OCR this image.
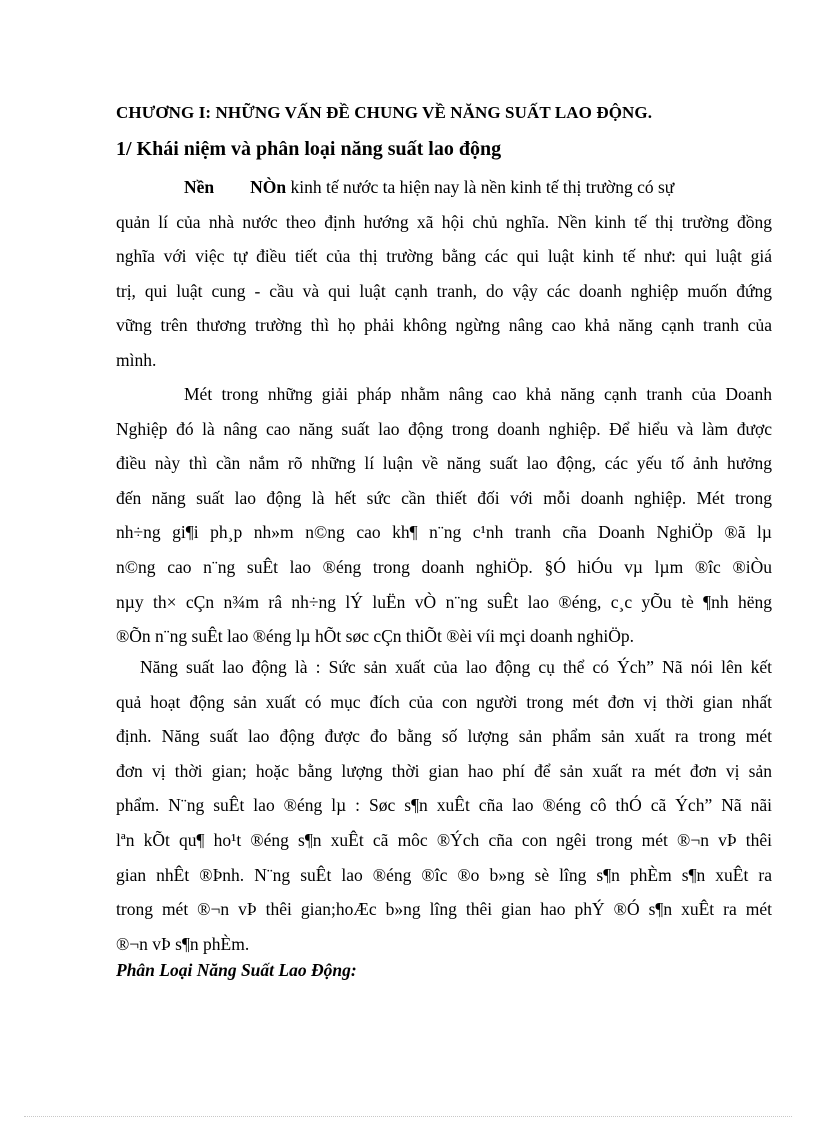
CHƯƠNG I: NHỮNG VẤN ĐỀ CHUNG VỀ NĂNG SUẤT LAO ĐỘNG.
1/ Khái niệm và phân loại năng suất lao động
Nền NÒn kinh tế nước ta hiện nay là nền kinh tế thị trường có sự
quản lí của nhà nước theo định hướng xã hội chủ nghĩa. Nền kinh tế thị trường đồng
nghĩa với việc tự điều tiết của thị trường bằng các qui luật kinh tế như: qui luật giá
trị, qui luật cung - cầu và qui luật cạnh tranh, do vậy các doanh nghiệp muốn đứng
vững trên thương trường thì họ phải không ngừng nâng cao khả năng cạnh tranh của
mình.
Mét trong những giải pháp nhằm nâng cao khả năng cạnh tranh của Doanh
Nghiệp đó là nâng cao năng suất lao động trong doanh nghiệp. Để hiểu và làm được
điều này thì cần nắm rõ những lí luận về năng suất lao động, các yếu tố ảnh hưởng
đến năng suất lao động là hết sức cần thiết đối với mỗi doanh nghiệp. Mét trong
nh÷ng gi¶i ph¸p nh»m n©ng cao kh¶ n¨ng c¹nh tranh cña Doanh NghiÖp ®ã lµ
n©ng cao n¨ng suÊt lao ®éng trong doanh nghiÖp. §Ó hiÓu vµ lµm ®îc ®iÒu
nµy th× cÇn n¾m râ nh÷ng lÝ luËn vÒ n¨ng suÊt lao ®éng, c¸c yÕu tè ¶nh hëng
®Õn n¨ng suÊt lao ®éng lµ hÕt søc cÇn thiÕt ®èi víi mçi doanh nghiÖp.
Năng suất lao động là : Sức sản xuất của lao động cụ thể có Ých” Nã nói lên kết
quả hoạt động sản xuất có mục đích của con người trong mét đơn vị thời gian nhất
định. Năng suất lao động được đo bằng số lượng sản phẩm sản xuất ra trong mét
đơn vị thời gian; hoặc bằng lượng thời gian hao phí để sản xuất ra mét đơn vị sản
phẩm. N¨ng suÊt lao ®éng lµ : Søc s¶n xuÊt cña lao ®éng cô thÓ cã Ých” Nã nãi
lªn kÕt qu¶ ho¹t ®éng s¶n xuÊt cã môc ®Ých cña con ngêi trong mét ®¬n vÞ thêi
gian nhÊt ®Þnh. N¨ng suÊt lao ®éng ®îc ®o b»ng sè lîng s¶n phÈm s¶n xuÊt ra
trong mét ®¬n vÞ thêi gian;hoÆc b»ng lîng thêi gian hao phÝ ®Ó s¶n xuÊt ra mét
®¬n vÞ s¶n phÈm.
Phân Loại Năng Suất Lao Động:
